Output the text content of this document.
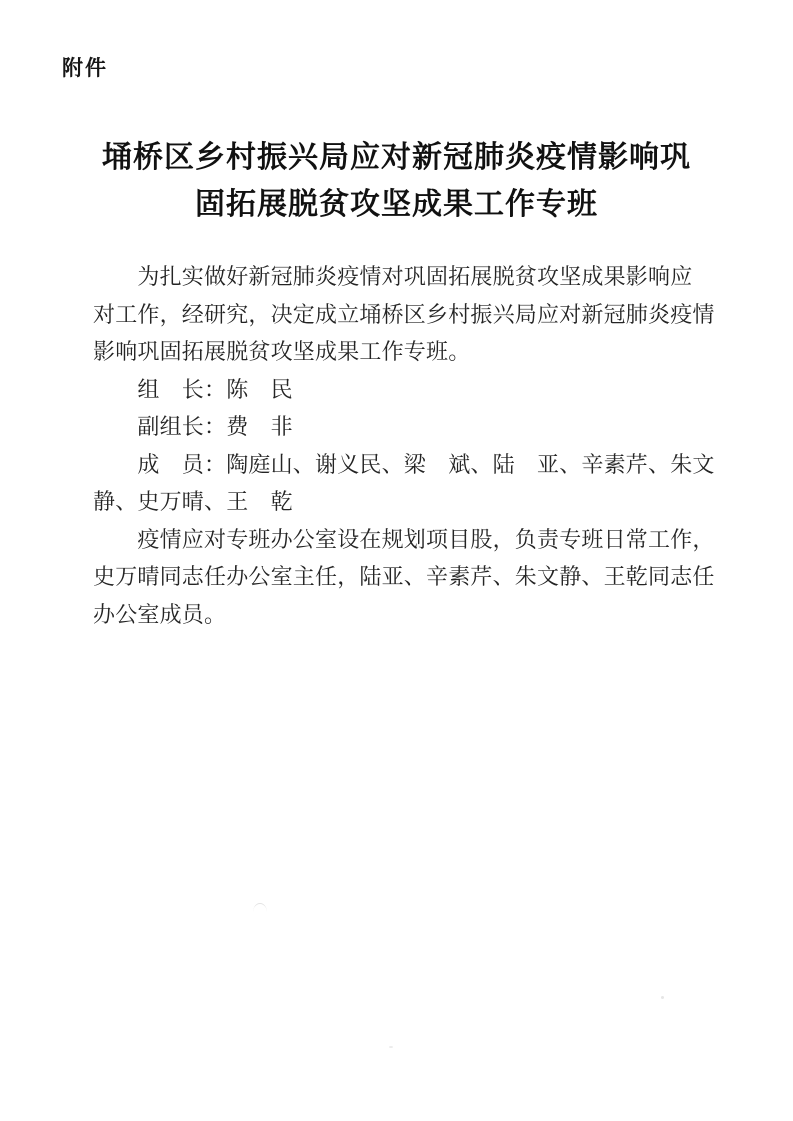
附件
埇桥区乡村振兴局应对新冠肺炎疫情影响巩
固拓展脱贫攻坚成果工作专班
　　为扎实做好新冠肺炎疫情对巩固拓展脱贫攻坚成果影响应
对工作，经研究，决定成立埇桥区乡村振兴局应对新冠肺炎疫情
影响巩固拓展脱贫攻坚成果工作专班。
　　组　长：陈　民
　　副组长：费　非
　　成　员：陶庭山、谢义民、梁　斌、陆　亚、辛素芹、朱文
静、史万晴、王　乾
　　疫情应对专班办公室设在规划项目股，负责专班日常工作，
史万晴同志任办公室主任，陆亚、辛素芹、朱文静、王乾同志任
办公室成员。
